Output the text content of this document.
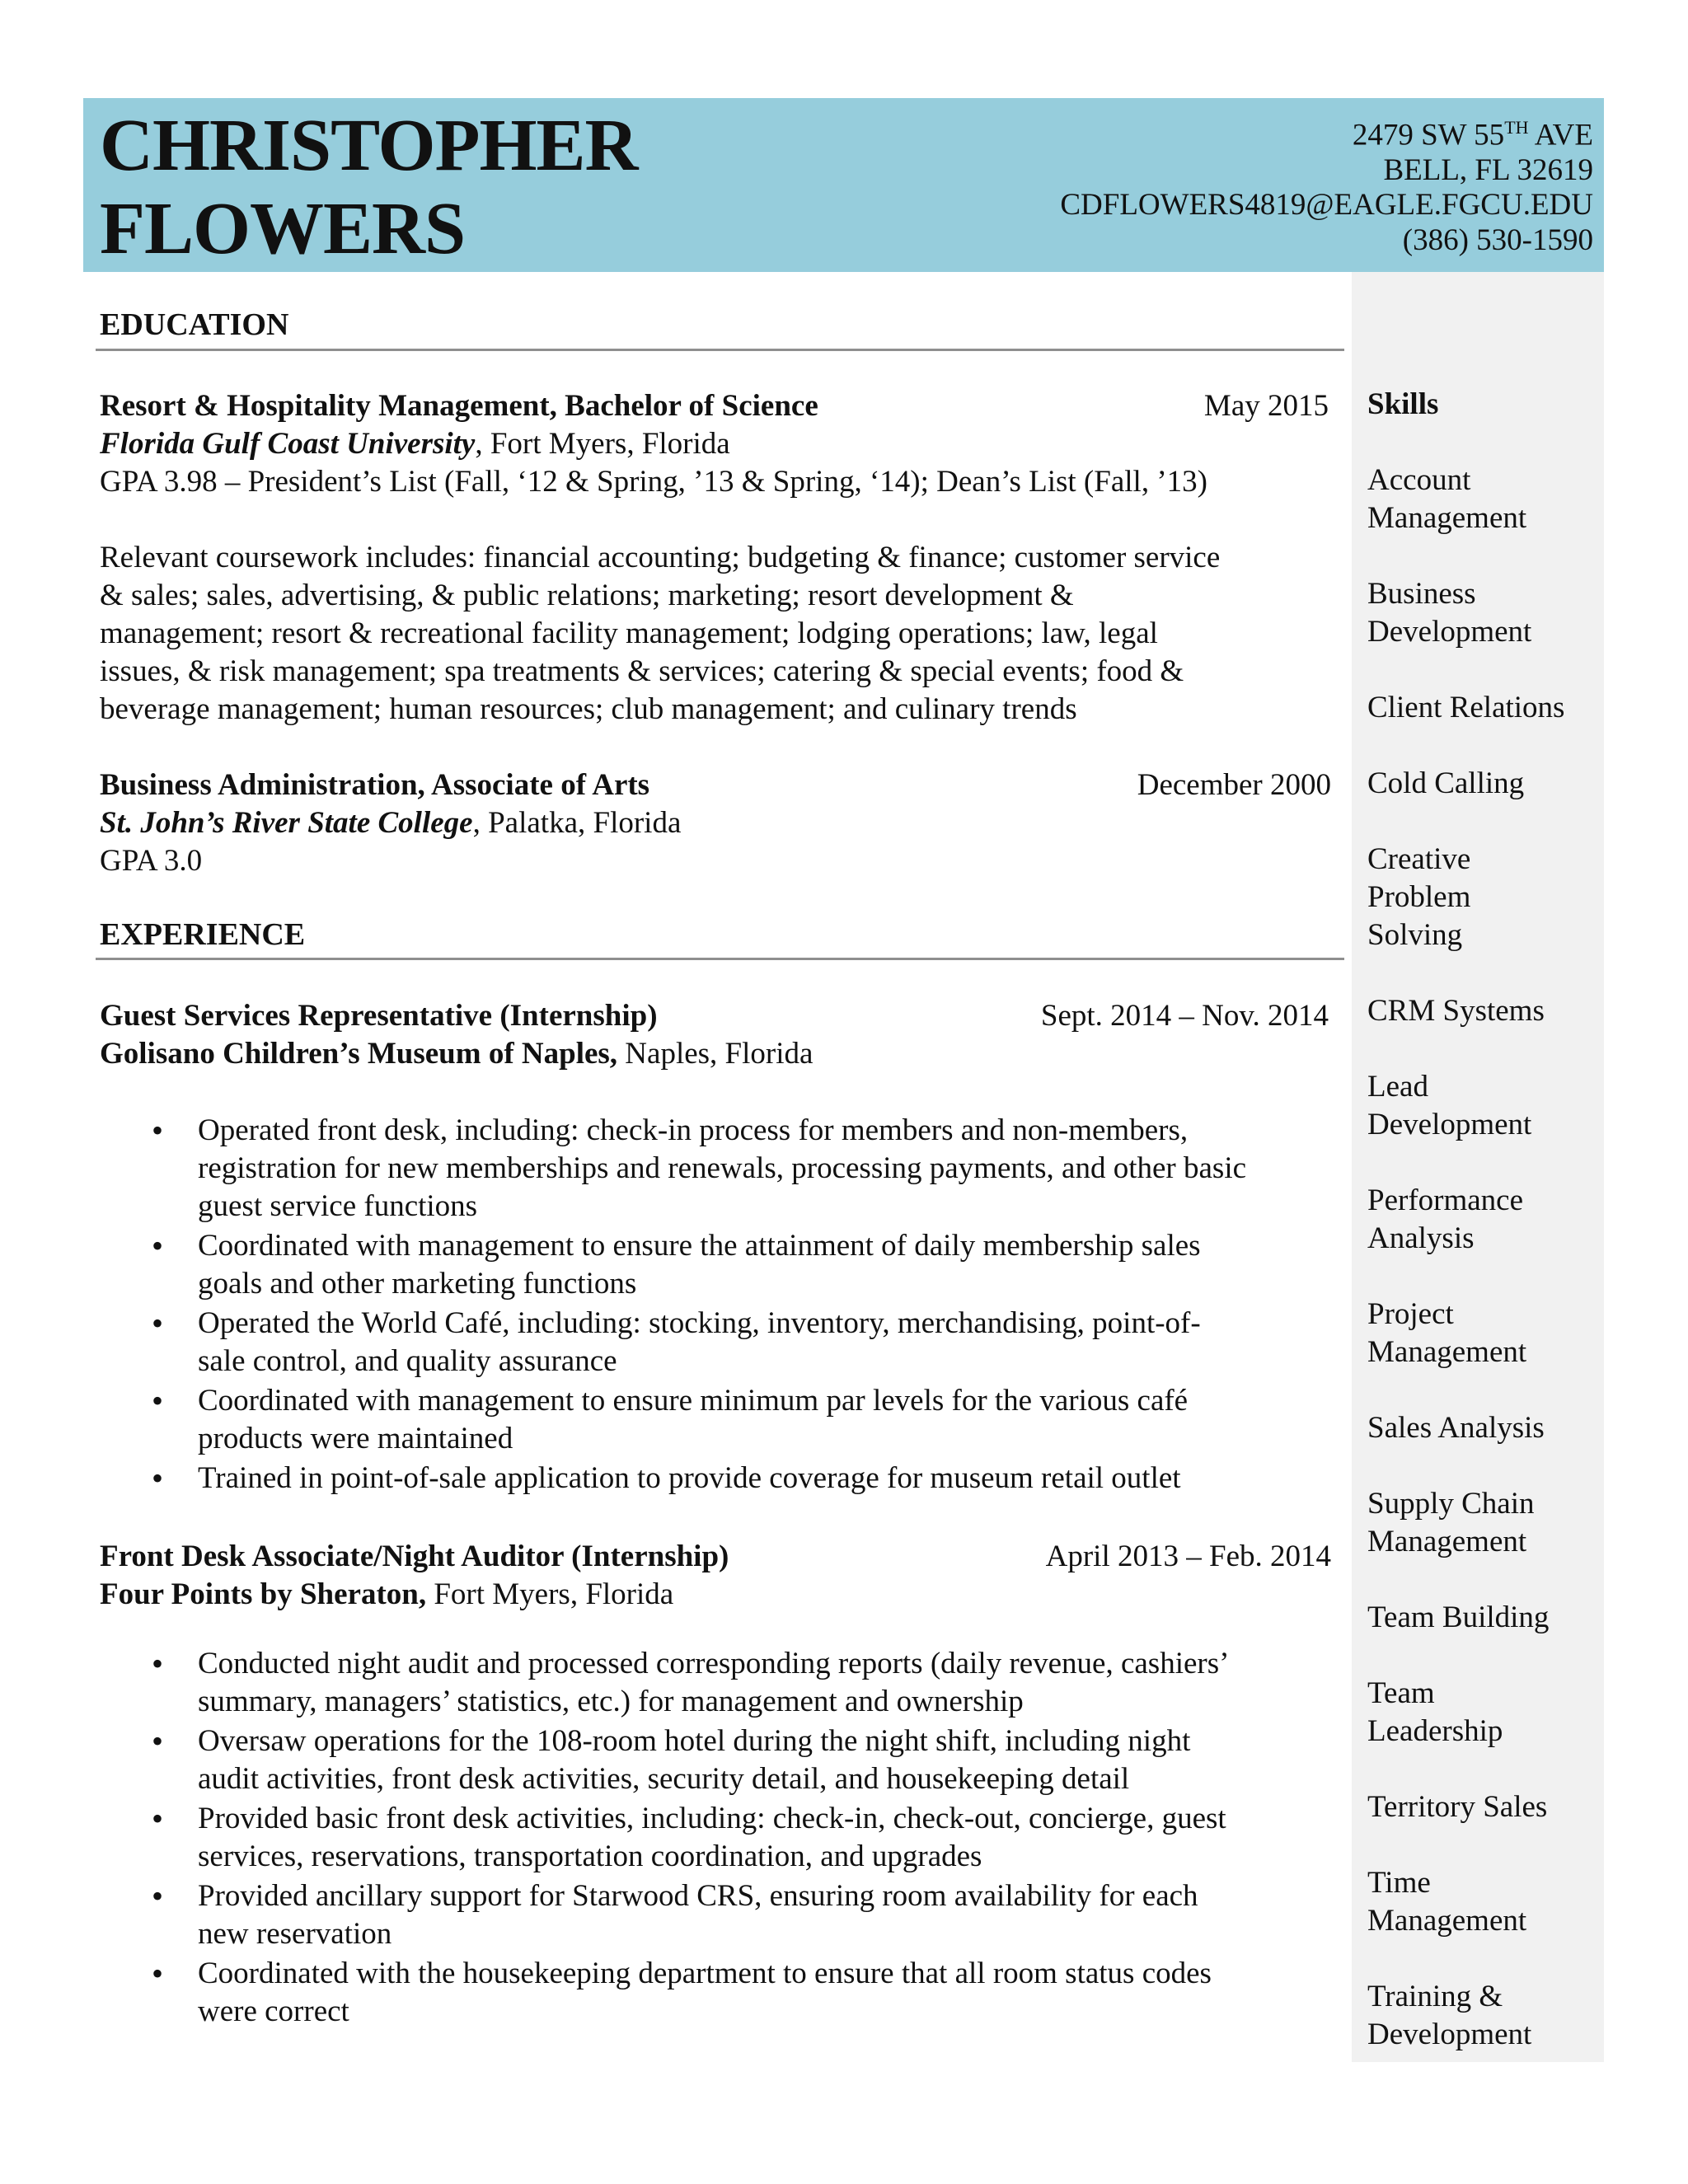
CHRISTOPHER
FLOWERS
2479 SW 55TH AVE
BELL, FL 32619
CDFLOWERS4819@EAGLE.FGCU.EDU
(386) 530-1590
Skills
Account
Management
Business
Development
Client Relations
Cold Calling
Creative
Problem
Solving
CRM Systems
Lead
Development
Performance
Analysis
Project
Management
Sales Analysis
Supply Chain
Management
Team Building
Team
Leadership
Territory Sales
Time
Management
Training &
Development
EDUCATION
Resort & Hospitality Management, Bachelor of Science	May 2015
Florida Gulf Coast University, Fort Myers, Florida
GPA 3.98 – President’s List (Fall, ‘12 & Spring, ’13 & Spring, ‘14); Dean’s List (Fall, ’13)
Relevant coursework includes: financial accounting; budgeting & finance; customer service
& sales; sales, advertising, & public relations; marketing; resort development &
management; resort & recreational facility management; lodging operations; law, legal
issues, & risk management; spa treatments & services; catering & special events; food &
beverage management; human resources; club management; and culinary trends
Business Administration, Associate of Arts	December 2000
St. John’s River State College, Palatka, Florida
GPA 3.0
EXPERIENCE
Guest Services Representative (Internship)	Sept. 2014 – Nov. 2014
Golisano Children’s Museum of Naples, Naples, Florida
• Operated front desk, including: check-in process for members and non-members,
registration for new memberships and renewals, processing payments, and other basic
guest service functions
• Coordinated with management to ensure the attainment of daily membership sales
goals and other marketing functions
• Operated the World Café, including: stocking, inventory, merchandising, point-of-
sale control, and quality assurance
• Coordinated with management to ensure minimum par levels for the various café
products were maintained
• Trained in point-of-sale application to provide coverage for museum retail outlet
Front Desk Associate/Night Auditor (Internship)	April 2013 – Feb. 2014
Four Points by Sheraton, Fort Myers, Florida
• Conducted night audit and processed corresponding reports (daily revenue, cashiers’
summary, managers’ statistics, etc.) for management and ownership
• Oversaw operations for the 108-room hotel during the night shift, including night
audit activities, front desk activities, security detail, and housekeeping detail
• Provided basic front desk activities, including: check-in, check-out, concierge, guest
services, reservations, transportation coordination, and upgrades
• Provided ancillary support for Starwood CRS, ensuring room availability for each
new reservation
• Coordinated with the housekeeping department to ensure that all room status codes
were correct
